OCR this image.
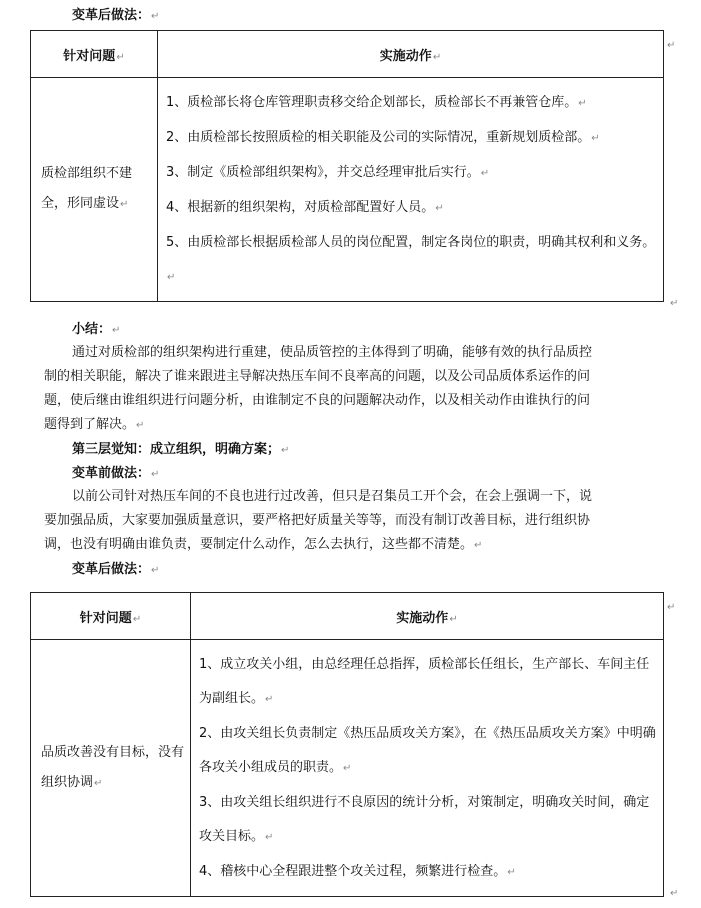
变革后做法：↵
针对问题↵	实施动作↵
质检部组织不建全，形同虚设↵	1、质检部长将仓库管理职责移交给企划部长，质检部长不再兼管仓库。↵
2、由质检部长按照质检的相关职能及公司的实际情况，重新规划质检部。↵
3、制定《质检部组织架构》，并交总经理审批后实行。↵
4、根据新的组织架构，对质检部配置好人员。↵
5、由质检部长根据质检部人员的岗位配置，制定各岗位的职责，明确其权利和义务。↵
↵
↵
小结：↵
通过对质检部的组织架构进行重建，使品质管控的主体得到了明确，能够有效的执行品质控制的相关职能，解决了谁来跟进主导解决热压车间不良率高的问题，以及公司品质体系运作的问题，使后继由谁组织进行问题分析，由谁制定不良的问题解决动作，以及相关动作由谁执行的问题得到了解决。↵
第三层觉知：成立组织，明确方案；↵
变革前做法：↵
以前公司针对热压车间的不良也进行过改善，但只是召集员工开个会，在会上强调一下，说要加强品质，大家要加强质量意识，要严格把好质量关等等，而没有制订改善目标，进行组织协调，也没有明确由谁负责，要制定什么动作，怎么去执行，这些都不清楚。↵
变革后做法：↵
针对问题↵	实施动作↵
品质改善没有目标，没有组织协调↵	1、成立攻关小组，由总经理任总指挥，质检部长任组长，生产部长、车间主任为副组长。↵
2、由攻关组长负责制定《热压品质攻关方案》，在《热压品质攻关方案》中明确各攻关小组成员的职责。↵
3、由攻关组长组织进行不良原因的统计分析，对策制定，明确攻关时间，确定攻关目标。↵
4、稽核中心全程跟进整个攻关过程，频繁进行检查。↵
↵
↵
